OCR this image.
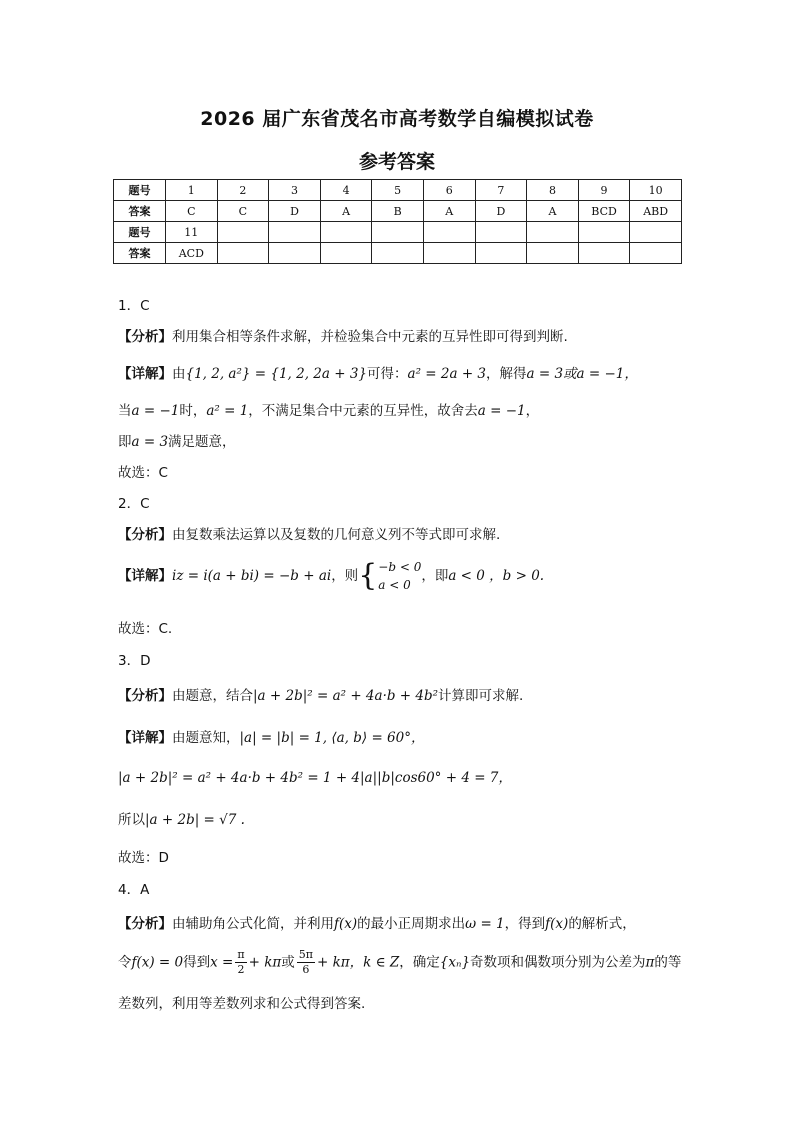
2026 届广东省茂名市高考数学自编模拟试卷
参考答案
题号	1	2	3	4	5	6	7	8	9	10
答案	C	C	D	A	B	A	D	A	BCD	ABD
题号	11									
答案	ACD									
1．C
【分析】利用集合相等条件求解，并检验集合中元素的互异性即可得到判断.
【详解】由{1, 2, a²} = {1, 2, 2a + 3}可得：a² = 2a + 3，解得a = 3或a = −1，
当a = −1时，a² = 1，不满足集合中元素的互异性，故舍去a = −1，
即a = 3满足题意，
故选：C
2．C
【分析】由复数乘法运算以及复数的几何意义列不等式即可求解.
【详解】iz = i(a + bi) = −b + ai，则{ −b < 0
a < 0
，即a < 0 ，b > 0.
故选：C.
3．D
【分析】由题意，结合|a + 2b|² = a² + 4a·b + 4b²计算即可求解.
【详解】由题意知，|a| = |b| = 1, ⟨a, b⟩ = 60°，
|a + 2b|² = a² + 4a·b + 4b² = 1 + 4|a||b|cos60° + 4 = 7，
所以|a + 2b| = √7 .
故选：D
4．A
【分析】由辅助角公式化简，并利用f(x)的最小正周期求出ω = 1，得到f(x)的解析式，
令f(x) = 0得到$x = \frac{\pi}{2} + k\pi$或 $\frac{5\pi}{6} + k\pi$，k ∈ Z，确定{xₙ}奇数项和偶数项分别为公差为π的等
差数列，利用等差数列求和公式得到答案.
